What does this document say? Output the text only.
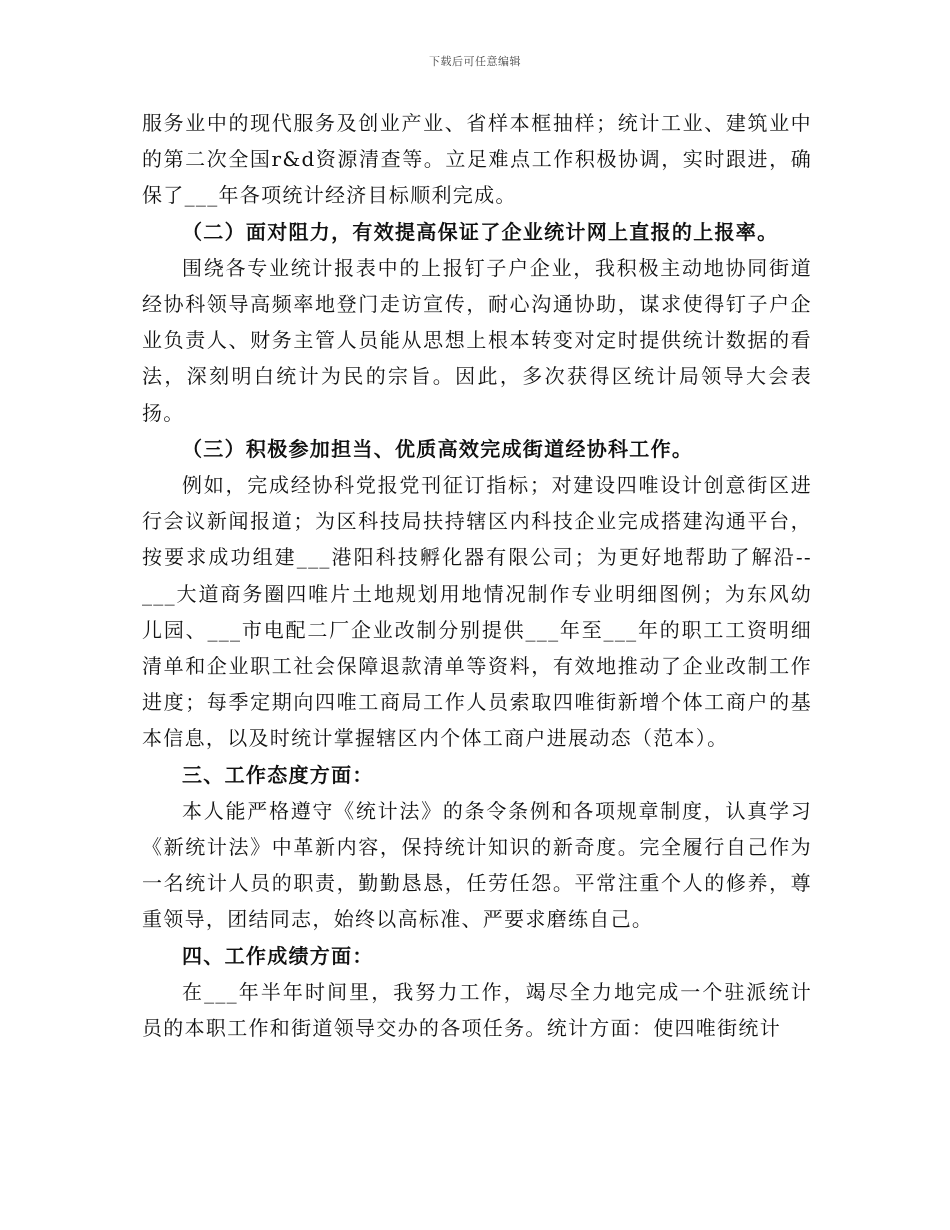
下载后可任意编辑

服务业中的现代服务及创业产业、省样本框抽样；统计工业、建筑业中的第二次全国r&d资源清查等。立足难点工作积极协调，实时跟进，确保了___年各项统计经济目标顺利完成。

（二）面对阻力，有效提高保证了企业统计网上直报的上报率。

围绕各专业统计报表中的上报钉子户企业，我积极主动地协同街道经协科领导高频率地登门走访宣传，耐心沟通协助，谋求使得钉子户企业负责人、财务主管人员能从思想上根本转变对定时提供统计数据的看法，深刻明白统计为民的宗旨。因此，多次获得区统计局领导大会表扬。

（三）积极参加担当、优质高效完成街道经协科工作。

例如，完成经协科党报党刊征订指标；对建设四唯设计创意街区进行会议新闻报道；为区科技局扶持辖区内科技企业完成搭建沟通平台，按要求成功组建___港阳科技孵化器有限公司；为更好地帮助了解沿--___大道商务圈四唯片土地规划用地情况制作专业明细图例；为东风幼儿园、___市电配二厂企业改制分别提供___年至___年的职工工资明细清单和企业职工社会保障退款清单等资料，有效地推动了企业改制工作进度；每季定期向四唯工商局工作人员索取四唯街新增个体工商户的基本信息，以及时统计掌握辖区内个体工商户进展动态（范本）。

三、工作态度方面：

本人能严格遵守《统计法》的条令条例和各项规章制度，认真学习《新统计法》中革新内容，保持统计知识的新奇度。完全履行自己作为一名统计人员的职责，勤勤恳恳，任劳任怨。平常注重个人的修养，尊重领导，团结同志，始终以高标准、严要求磨练自己。

四、工作成绩方面：

在___年半年时间里，我努力工作，竭尽全力地完成一个驻派统计员的本职工作和街道领导交办的各项任务。统计方面：使四唯街统计
